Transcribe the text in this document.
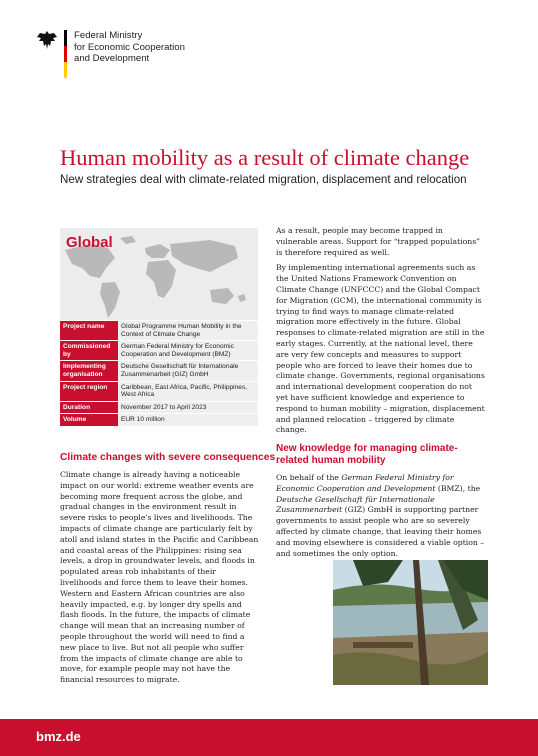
Federal Ministry
for Economic Cooperation
and Development
Human mobility as a result of climate change
New strategies deal with climate-related migration, displacement and relocation
Global
Project name	Global Programme Human Mobility in the Context of Climate Change
Commissioned by	German Federal Ministry for Economic Cooperation and Development (BMZ)
Implementing organisation	Deutsche Gesellschaft für Internationale Zusammenarbeit (GIZ) GmbH
Project region	Caribbean, East Africa, Pacific, Philippines, West Africa
Duration	November 2017 to April 2023
Volume	EUR 10 million
Climate changes with severe consequences
Climate change is already having a noticeable impact on our world: extreme weather events are becoming more frequent across the globe, and gradual changes in the environment result in severe risks to people's lives and livelihoods. The impacts of climate change are particularly felt by atoll and island states in the Pacific and Caribbean and coastal areas of the Philippines: rising sea levels, a drop in groundwater levels, and floods in populated areas rob inhabitants of their livelihoods and force them to leave their homes. Western and Eastern African countries are also heavily impacted, e.g. by longer dry spells and flash floods. In the future, the impacts of climate change will mean that an increasing number of people throughout the world will need to find a new place to live. But not all people who suffer from the impacts of climate change are able to move, for example people may not have the financial resources to migrate.

As a result, people may become trapped in vulnerable areas. Support for “trapped populations” is therefore required as well.

By implementing international agreements such as the United Nations Framework Convention on Climate Change (UNFCCC) and the Global Compact for Migration (GCM), the international community is trying to find ways to manage climate-related migration more effectively in the future. Global responses to climate-related migration are still in the early stages. Currently, at the national level, there are very few concepts and measures to support people who are forced to leave their homes due to climate change. Governments, regional organisations and international development cooperation do not yet have sufficient knowledge and experience to respond to human mobility – migration, displacement and planned relocation – triggered by climate change.

New knowledge for managing climate-related human mobility
On behalf of the German Federal Ministry for Economic Cooperation and Development (BMZ), the Deutsche Gesellschaft für Internationale Zusammenarbeit (GIZ) GmbH is supporting partner governments to assist people who are so severely affected by climate change, that leaving their homes and moving elsewhere is considered a viable option – and sometimes the only option.
bmz.de
